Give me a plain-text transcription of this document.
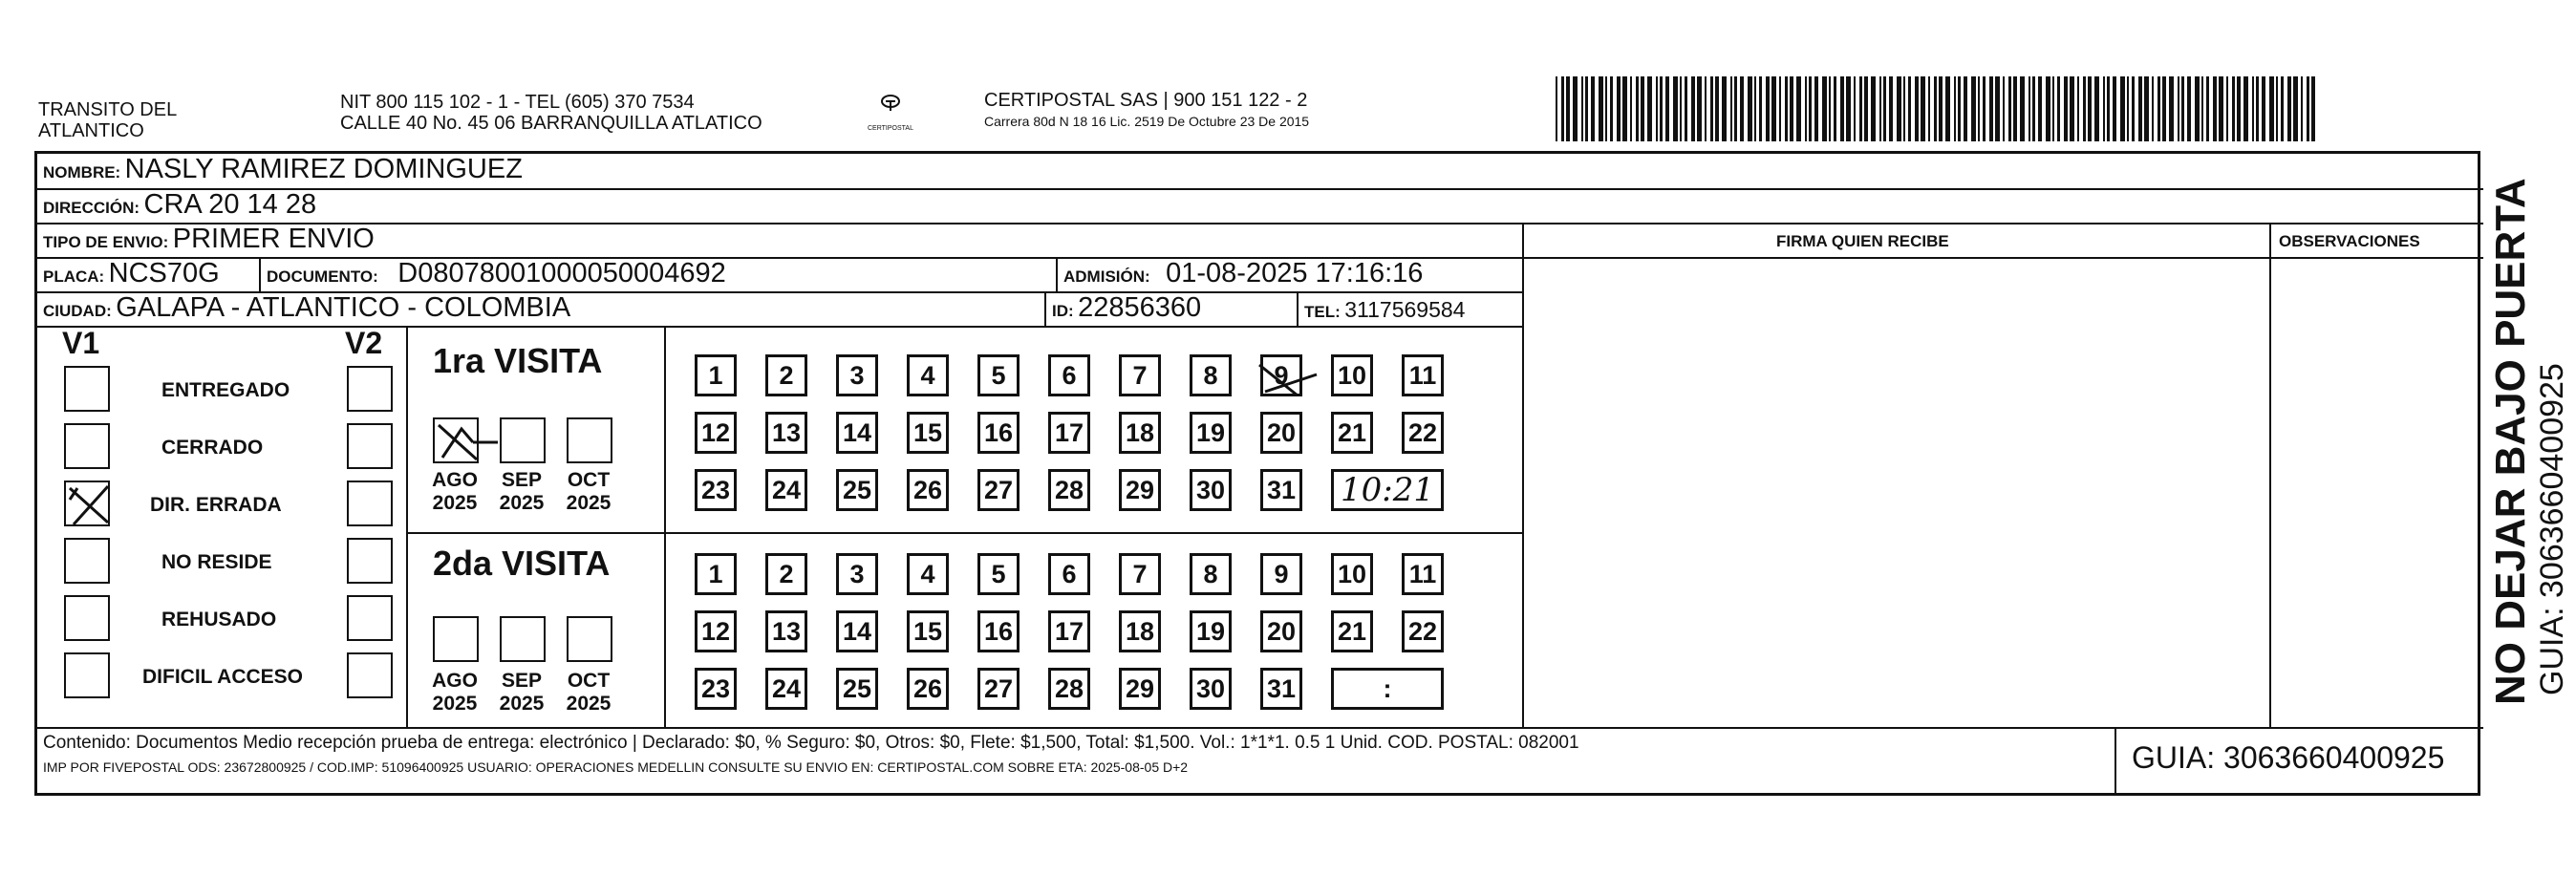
TRANSITO DEL
ATLANTICO
NIT 800 115 102 - 1 - TEL (605) 370 7534
CALLE 40 No. 45 06 BARRANQUILLA ATLATICO	CERTIPOSTAL
CERTIPOSTAL SAS | 900 151 122 - 2
Carrera 80d N 18 16 Lic. 2519 De Octubre 23 De 2015
NOMBRE: NASLY RAMIREZ DOMINGUEZ
DIRECCIÓN: CRA 20 14 28
TIPO DE ENVIO: PRIMER ENVIO	FIRMA QUIEN RECIBE	OBSERVACIONES
PLACA: NCS70G	DOCUMENTO: D08078001000050004692	ADMISIÓN: 01-08-2025 17:16:16
CIUDAD: GALAPA - ATLANTICO - COLOMBIA	ID: 22856360	TEL: 3117569584
V1	V2
ENTREGADO
CERRADO
DIR. ERRADA
NO RESIDE
REHUSADO
DIFICIL ACCESO
1ra VISITA
2da VISITA
AGO
2025
SEP
2025
OCT
2025
AGO
2025
SEP
2025
OCT
2025
1	2	3	4	5	6	7	8	9 10 11
12 13 14 15 16 17 18 19 20 21 22
23 24 25 26 27 28 29 30 31 10:21
1	2	3	4	5	6	7	8	9	10 11
12 13 14 15 16 17 18 19 20 21 22
23 24 25 26 27 28 29 30 31	:
Contenido: Documentos Medio recepción prueba de entrega: electrónico | Declarado: $0, % Seguro: $0, Otros: $0, Flete: $1,500, Total: $1,500. Vol.: 1*1*1. 0.5 1 Unid. COD. POSTAL: 082001
IMP POR FIVEPOSTAL ODS: 23672800925 / COD.IMP: 51096400925 USUARIO: OPERACIONES MEDELLIN CONSULTE SU ENVIO EN: CERTIPOSTAL.COM SOBRE ETA: 2025-08-05 D+2	GUIA: 3063660400925
NO DEJAR BAJO PUERTA GUIA: 3063660400925
